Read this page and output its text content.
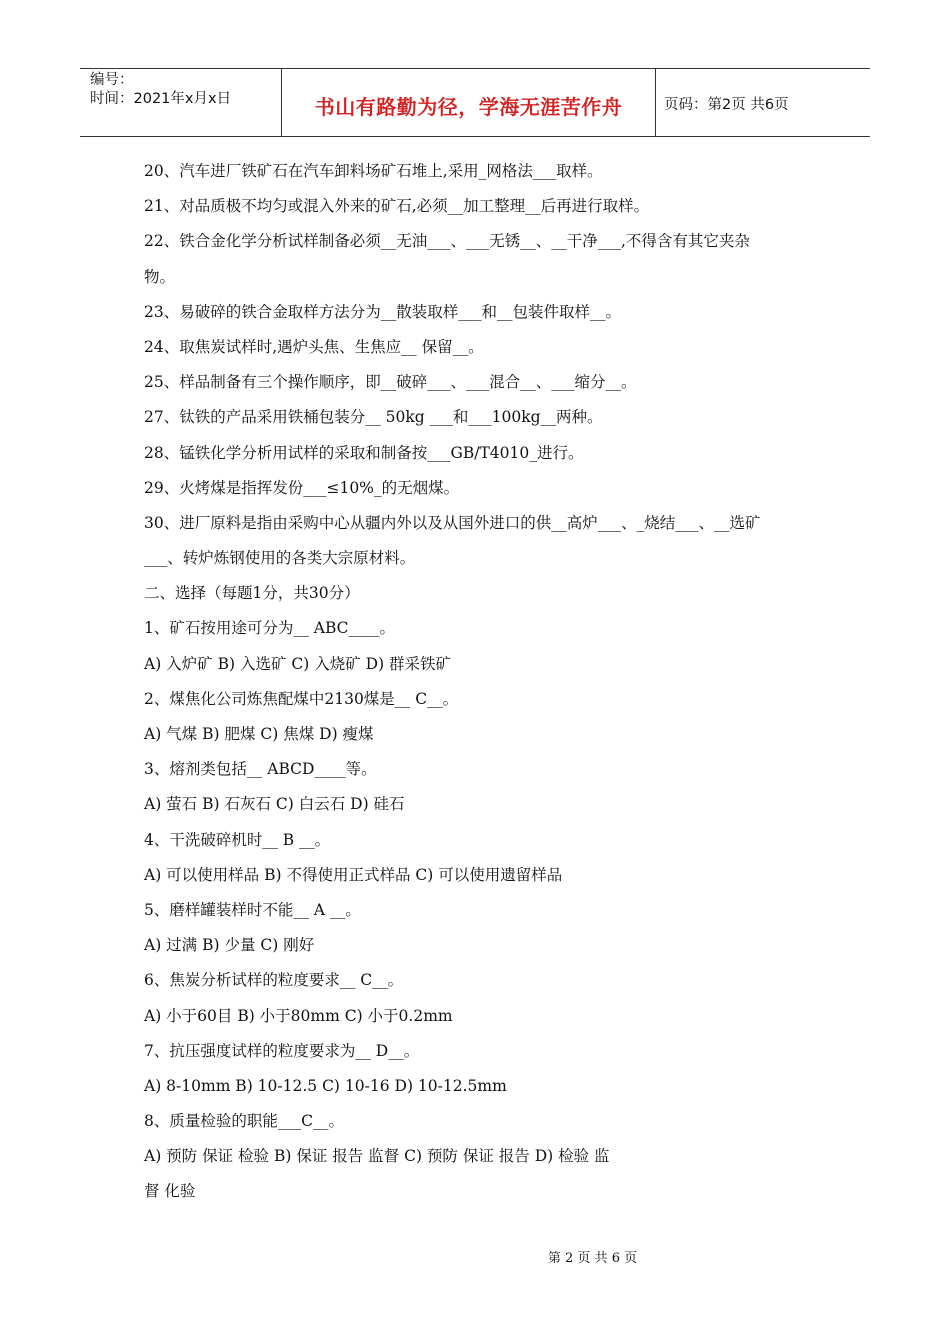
编号：
时间：2021年x月x日	书山有路勤为径，学海无涯苦作舟	页码：第2页 共6页
20、汽车进厂铁矿石在汽车卸料场矿石堆上,采用_网格法___取样。
21、对品质极不均匀或混入外来的矿石,必须__加工整理__后再进行取样。
22、铁合金化学分析试样制备必须__无油___、___无锈__、__干净___,不得含有其它夹杂
物。
23、易破碎的铁合金取样方法分为__散装取样___和__包装件取样__。
24、取焦炭试样时,遇炉头焦、生焦应__ 保留__。
25、样品制备有三个操作顺序，即__破碎___、___混合__、___缩分__。
27、钛铁的产品采用铁桶包装分__ 50kg ___和___100kg__两种。
28、锰铁化学分析用试样的采取和制备按___GB/T4010_进行。
29、火烤煤是指挥发份___≤10%_的无烟煤。
30、进厂原料是指由采购中心从疆内外以及从国外进口的供__高炉___、_烧结___、__选矿
___、转炉炼钢使用的各类大宗原材料。
二、选择（每题1分，共30分）
1、矿石按用途可分为__ ABC____。
A) 入炉矿 B) 入选矿 C) 入烧矿 D) 群采铁矿
2、煤焦化公司炼焦配煤中2130煤是__ C__。
A) 气煤 B) 肥煤 C) 焦煤 D) 瘦煤
3、熔剂类包括__ ABCD____等。
A) 萤石 B) 石灰石 C) 白云石 D) 硅石
4、干洗破碎机时__ B __。
A) 可以使用样品 B) 不得使用正式样品 C) 可以使用遗留样品
5、磨样罐装样时不能__ A __。
A) 过满 B) 少量 C) 刚好
6、焦炭分析试样的粒度要求__ C__。
A) 小于60目 B) 小于80mm C) 小于0.2mm
7、抗压强度试样的粒度要求为__ D__。
A) 8-10mm B) 10-12.5 C) 10-16 D) 10-12.5mm
8、质量检验的职能___C__。
A) 预防 保证 检验 B) 保证 报告 监督 C) 预防 保证 报告 D) 检验 监
督 化验
第 2 页 共 6 页
